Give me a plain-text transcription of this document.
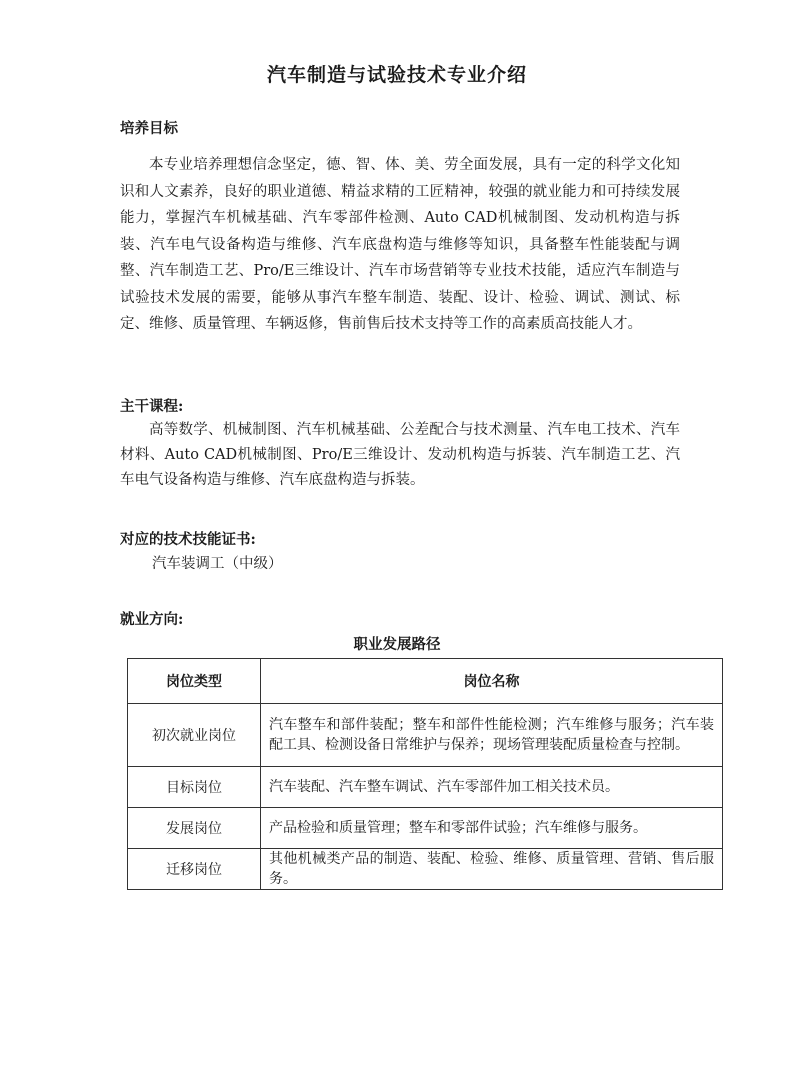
汽车制造与试验技术专业介绍
培养目标

本专业培养理想信念坚定，德、智、体、美、劳全面发展，具有一定的科学文化知识和人文素养，良好的职业道德、精益求精的工匠精神，较强的就业能力和可持续发展能力，掌握汽车机械基础、汽车零部件检测、Auto CAD机械制图、发动机构造与拆装、汽车电气设备构造与维修、汽车底盘构造与维修等知识，具备整车性能装配与调整、汽车制造工艺、Pro/E三维设计、汽车市场营销等专业技术技能，适应汽车制造与试验技术发展的需要，能够从事汽车整车制造、装配、设计、检验、调试、测试、标定、维修、质量管理、车辆返修，售前售后技术支持等工作的高素质高技能人才。

主干课程:

高等数学、机械制图、汽车机械基础、公差配合与技术测量、汽车电工技术、汽车材料、Auto CAD机械制图、Pro/E三维设计、发动机构造与拆装、汽车制造工艺、汽车电气设备构造与维修、汽车底盘构造与拆装。

对应的技术技能证书:

汽车装调工（中级）

就业方向:

职业发展路径

岗位类型	岗位名称
初次就业岗位	汽车整车和部件装配；整车和部件性能检测；汽车维修与服务；汽车装配工具、检测设备日常维护与保养；现场管理装配质量检查与控制。
目标岗位	汽车装配、汽车整车调试、汽车零部件加工相关技术员。
发展岗位	产品检验和质量管理；整车和零部件试验；汽车维修与服务。
迁移岗位	其他机械类产品的制造、装配、检验、维修、质量管理、营销、售后服务。
